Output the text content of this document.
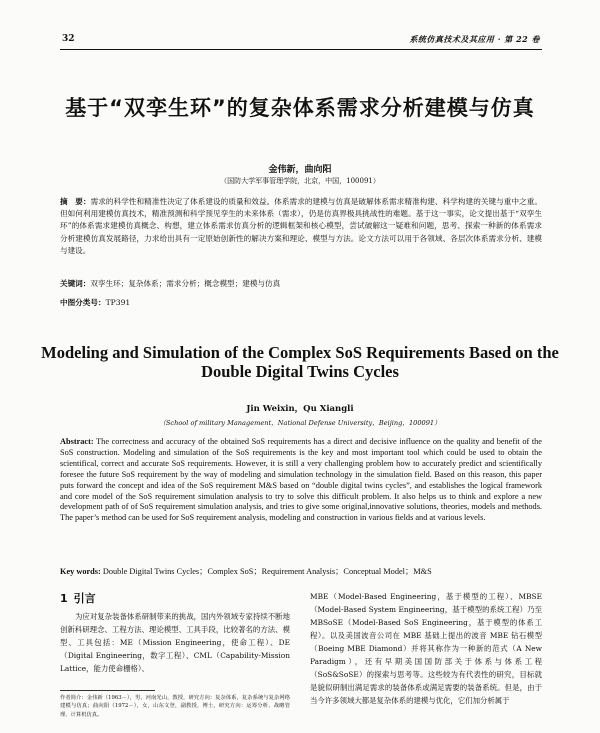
32	系统仿真技术及其应用 · 第 22 卷
基于“双孪生环”的复杂体系需求分析建模与仿真
金伟新，曲向阳
（国防大学军事管理学院，北京，中国，100091）
摘　要：需求的科学性和精准性决定了体系建设的质量和效益。体系需求的建模与仿真是破解体系需求精准构建、科学构建的关键与重中之重。但如何利用建模仿真技术，精准预测和科学预见孪生的未来体系（需求），仍是仿真界极具挑战性的难题。基于这一事实，论文提出基于“双孪生环”的体系需求建模仿真概念、构想，建立体系需求仿真分析的逻辑框架和核心模型，尝试破解这一疑难和问题，思考、探索一种新的体系需求分析建模仿真发展路径，力求给出具有一定原始创新性的解决方案和理论、模型与方法。论文方法可以用于各领域、各层次体系需求分析、建模与建设。
关键词：双孪生环；复杂体系；需求分析；概念模型；建模与仿真
中图分类号：TP391
Modeling and Simulation of the Complex SoS Requirements Based on the Double Digital Twins Cycles
Jin Weixin，Qu Xiangli
（School of military Management，National Defense University，Beijing，100091）
Abstract: The correctness and accuracy of the obtained SoS requirements has a direct and decisive influence on the quality and benefit of the SoS construction. Modeling and simulation of the SoS requirements is the key and most important tool which could be used to obtain the scientifical, correct and accurate SoS requirements. However, it is still a very challenging problem how to accurately predict and scientifically foresee the future SoS requirement by the way of modeling and simulation technology in the simulation field. Based on this reason, this paper puts forward the concept and idea of the SoS requirement M&S based on “double digital twins cycles”, and establishes the logical framework and core model of the SoS requirement simulation analysis to try to solve this difficult problem. It also helps us to think and explore a new development path of of SoS requirement simulation analysis, and tries to give some original,innovative solutions, theories, models and methods. The paper’s method can be used for SoS requirement analysis, modeling and construction in various fields and at various levels.
Key words: Double Digital Twins Cycles；Complex SoS；Requirement Analysis；Conceptual Model；M&S
1 引言

为应对复杂装备体系研制带来的挑战，国内外领域专家持续不断地创新科研理念、工程方法、理论模型、工具手段，比较著名的方法、模型、工具包括：ME（Mission Engineering，使命工程）、DE（Digital Engineering，数字工程）、CML（Capability-Mission Lattice，能力使命栅格）、

作者简介：金伟新（1963－），男，河南光山，教授，研究方向：复杂体系，复杂系统与复杂网络建模与仿真；曲向阳（1972－），女，山东文登，副教授，博士，研究方向：运筹分析、战略管理、计算机仿真。

MBE（Model-Based Engineering，基于模型的工程）、MBSE（Model-Based System Engineering，基于模型的系统工程）乃至 MBSoSE（Model-Based SoS Engineering，基于模型的体系工程）。以及美国波音公司在 MBE 基础上提出的波音 MBE 钻石模型（Boeing MBE Diamond）并将其称作为一种新的范式（A New Paradigm），还有早期美国国防部关于体系与体系工程（SoS&SoSE）的探索与思考等。这些较为有代表性的研究，目标就是貌似研制出满足需求的装备体系或满足需要的装备系统。但是，由于当今许多领域大都是复杂体系的建模与优化，它们加分析属于
